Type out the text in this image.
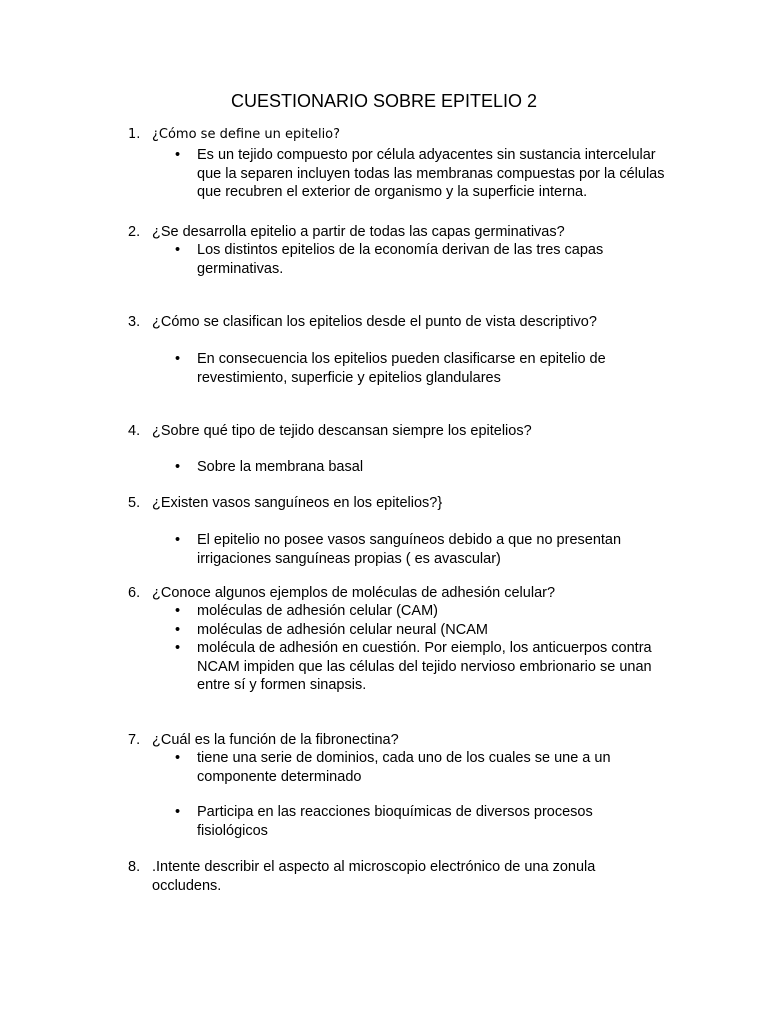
CUESTIONARIO SOBRE EPITELIO 2
1. ¿Cómo se define un epitelio?
• Es un tejido compuesto por célula adyacentes sin sustancia intercelular que la separen incluyen todas las membranas compuestas por la células que recubren el exterior de organismo y la superficie interna.
2. ¿Se desarrolla epitelio a partir de todas las capas germinativas?
• Los distintos epitelios de la economía derivan de las tres capas germinativas.
3. ¿Cómo se clasifican los epitelios desde el punto de vista descriptivo?
• En consecuencia los epitelios pueden clasificarse en epitelio de revestimiento, superficie y epitelios glandulares
4. ¿Sobre qué tipo de tejido descansan siempre los epitelios?
• Sobre la membrana basal
5. ¿Existen vasos sanguíneos en los epitelios?}
• El epitelio no posee vasos sanguíneos debido a que no presentan irrigaciones sanguíneas propias ( es avascular)
6. ¿Conoce algunos ejemplos de moléculas de adhesión celular?
• moléculas de adhesión celular (CAM)
• moléculas de adhesión celular neural (NCAM
• molécula de adhesión en cuestión. Por eiemplo, los anticuerpos contra NCAM impiden que las células del tejido nervioso embrionario se unan entre sí y formen sinapsis.
7. ¿Cuál es la función de la fibronectina?
• tiene una serie de dominios, cada uno de los cuales se une a un componente determinado
• Participa en las reacciones bioquímicas de diversos procesos fisiológicos
8. .Intente describir el aspecto al microscopio electrónico de una zonula occludens.
